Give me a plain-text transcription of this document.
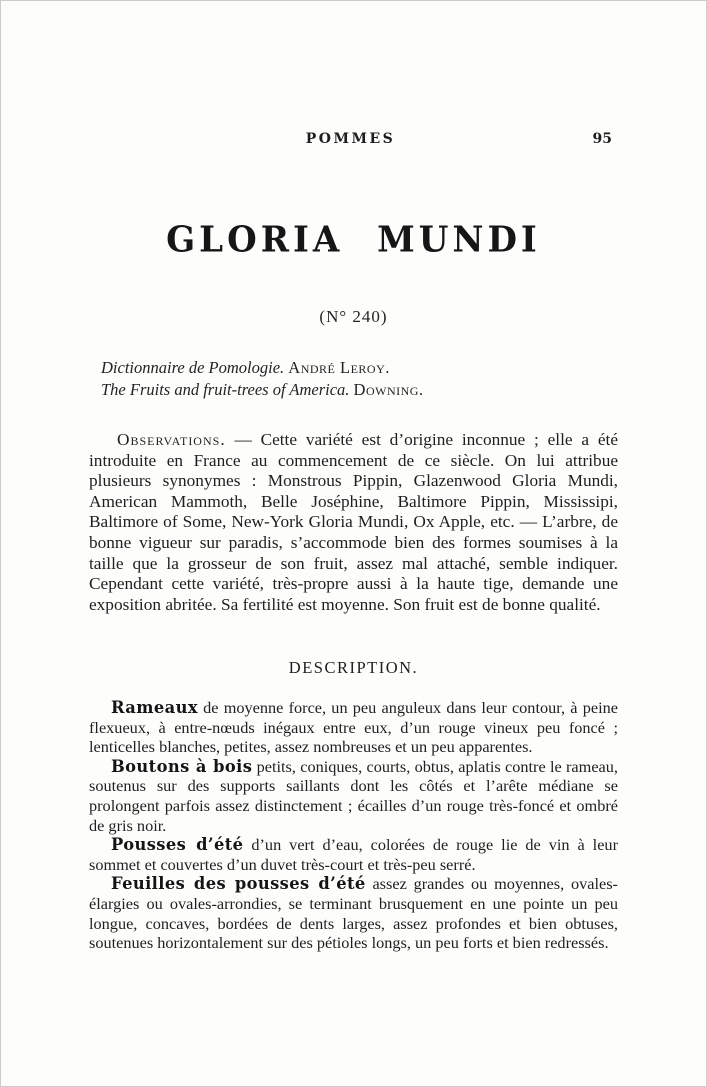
POMMES	95
GLORIA MUNDI
(N° 240)
Dictionnaire de Pomologie. André Leroy.
The Fruits and fruit-trees of America. Downing.

Observations. — Cette variété est d’origine inconnue ; elle a été introduite en France au commencement de ce siècle. On lui attribue plusieurs synonymes : Monstrous Pippin, Glazenwood Gloria Mundi, American Mammoth, Belle Joséphine, Baltimore Pippin, Mississipi, Baltimore of Some, New-York Gloria Mundi, Ox Apple, etc. — L’arbre, de bonne vigueur sur paradis, s’accommode bien des formes soumises à la taille que la grosseur de son fruit, assez mal attaché, semble indiquer. Cependant cette variété, très-propre aussi à la haute tige, demande une exposition abritée. Sa fertilité est moyenne. Son fruit est de bonne qualité.

DESCRIPTION.

Rameaux de moyenne force, un peu anguleux dans leur contour, à peine flexueux, à entre-nœuds inégaux entre eux, d’un rouge vineux peu foncé ; lenticelles blanches, petites, assez nombreuses et un peu apparentes.

Boutons à bois petits, coniques, courts, obtus, aplatis contre le rameau, soutenus sur des supports saillants dont les côtés et l’arête médiane se prolongent parfois assez distinctement ; écailles d’un rouge très-foncé et ombré de gris noir.

Pousses d’été d’un vert d’eau, colorées de rouge lie de vin à leur sommet et couvertes d’un duvet très-court et très-peu serré.

Feuilles des pousses d’été assez grandes ou moyennes, ovales-élargies ou ovales-arrondies, se terminant brusquement en une pointe un peu longue, concaves, bordées de dents larges, assez profondes et bien obtuses, soutenues horizontalement sur des pétioles longs, un peu forts et bien redressés.
